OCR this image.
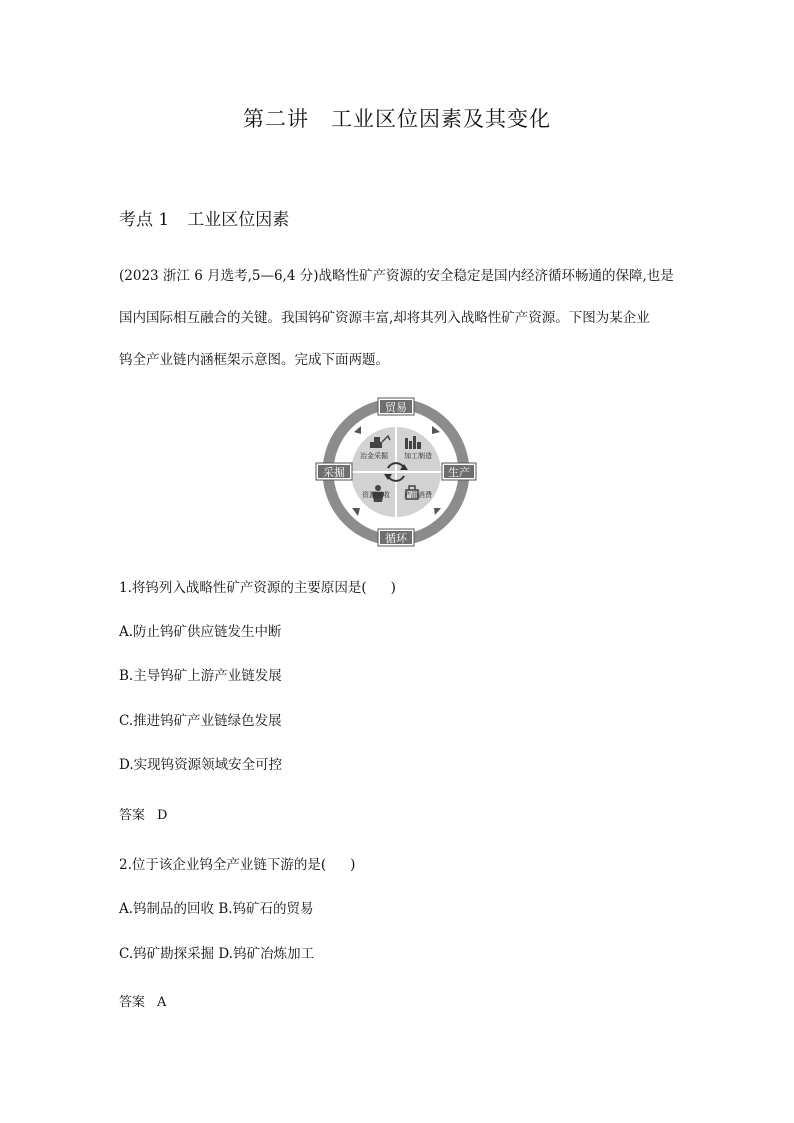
第二讲 工业区位因素及其变化
考点 1 工业区位因素
(2023 浙江 6 月选考,5—6,4 分)战略性矿产资源的安全稳定是国内经济循环畅通的保障,也是
国内国际相互融合的关键。我国钨矿资源丰富,却将其列入战略性矿产资源。下图为某企业
钨全产业链内涵框架示意图。完成下面两题。
冶金采掘 加工制造
资源回收 产品消费
贸易
采掘	生产
循环
1.将钨列入战略性矿产资源的主要原因是( )
A.防止钨矿供应链发生中断
B.主导钨矿上游产业链发展
C.推进钨矿产业链绿色发展
D.实现钨资源领域安全可控
答案 D
2.位于该企业钨全产业链下游的是( )
A.钨制品的回收 B.钨矿石的贸易
C.钨矿勘探采掘 D.钨矿冶炼加工
答案 A
